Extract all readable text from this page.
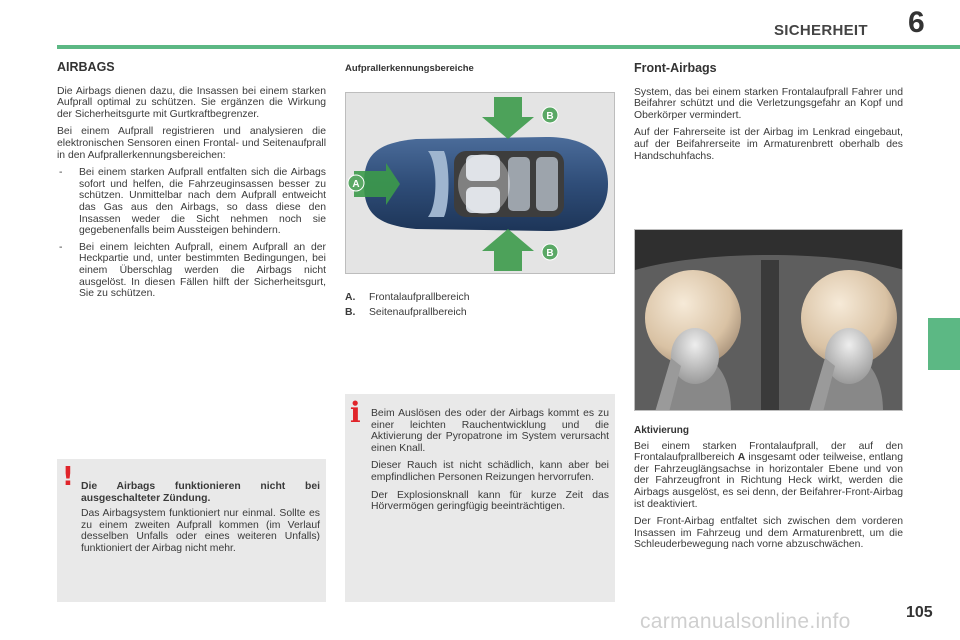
SICHERHEIT 6
AIRBAGS

Die Airbags dienen dazu, die Insassen bei einem starken Aufprall optimal zu schützen. Sie ergänzen die Wirkung der Sicherheitsgurte mit Gurtkraftbegrenzer.

Bei einem Aufprall registrieren und analysieren die elektronischen Sensoren einen Frontal- und Seitenaufprall in den Aufprallerkennungsbereichen:

- Bei einem starken Aufprall entfalten sich die Airbags sofort und helfen, die Fahrzeuginsassen besser zu schützen. Unmittelbar nach dem Aufprall entweicht das Gas aus den Airbags, so dass diese den Insassen weder die Sicht nehmen noch sie gegebenenfalls beim Aussteigen behindern.
- Bei einem leichten Aufprall, einem Aufprall an der Heckpartie und, unter bestimmten Bedingungen, bei einem Überschlag werden die Airbags nicht ausgelöst. In diesen Fällen hilft der Sicherheitsgurt, Sie zu schützen.

Die Airbags funktionieren nicht bei ausgeschalteter Zündung.

Das Airbagsystem funktioniert nur einmal. Sollte es zu einem zweiten Aufprall kommen (im Verlauf desselben Unfalls oder eines weiteren Unfalls) funktioniert der Airbag nicht mehr.

!
Aufprallerkennungsbereiche
A
B
B
A.	Frontalaufprallbereich
B.	Seitenaufprallbereich

Beim Auslösen des oder der Airbags kommt es zu einer leichten Rauchentwicklung und die Aktivierung der Pyropatrone im System verursacht einen Knall.

Dieser Rauch ist nicht schädlich, kann aber bei empfindlichen Personen Reizungen hervorrufen.

Der Explosionsknall kann für kurze Zeit das Hörvermögen geringfügig beeinträchtigen.

i
Front-Airbags

System, das bei einem starken Frontalaufprall Fahrer und Beifahrer schützt und die Verletzungsgefahr an Kopf und Oberkörper vermindert.

Auf der Fahrerseite ist der Airbag im Lenkrad eingebaut, auf der Beifahrerseite im Armaturenbrett oberhalb des Handschuhfachs.

Aktivierung

Bei einem starken Frontalaufprall, der auf den Frontalaufprallbereich A insgesamt oder teilweise, entlang der Fahrzeuglängsachse in horizontaler Ebene und von der Fahrzeugfront in Richtung Heck wirkt, werden die Airbags ausgelöst, es sei denn, der Beifahrer-Front-Airbag ist deaktiviert.

Der Front-Airbag entfaltet sich zwischen dem vorderen Insassen im Fahrzeug und dem Armaturenbrett, um die Schleuderbewegung nach vorne abzuschwächen.

105
carmanualsonline.info
